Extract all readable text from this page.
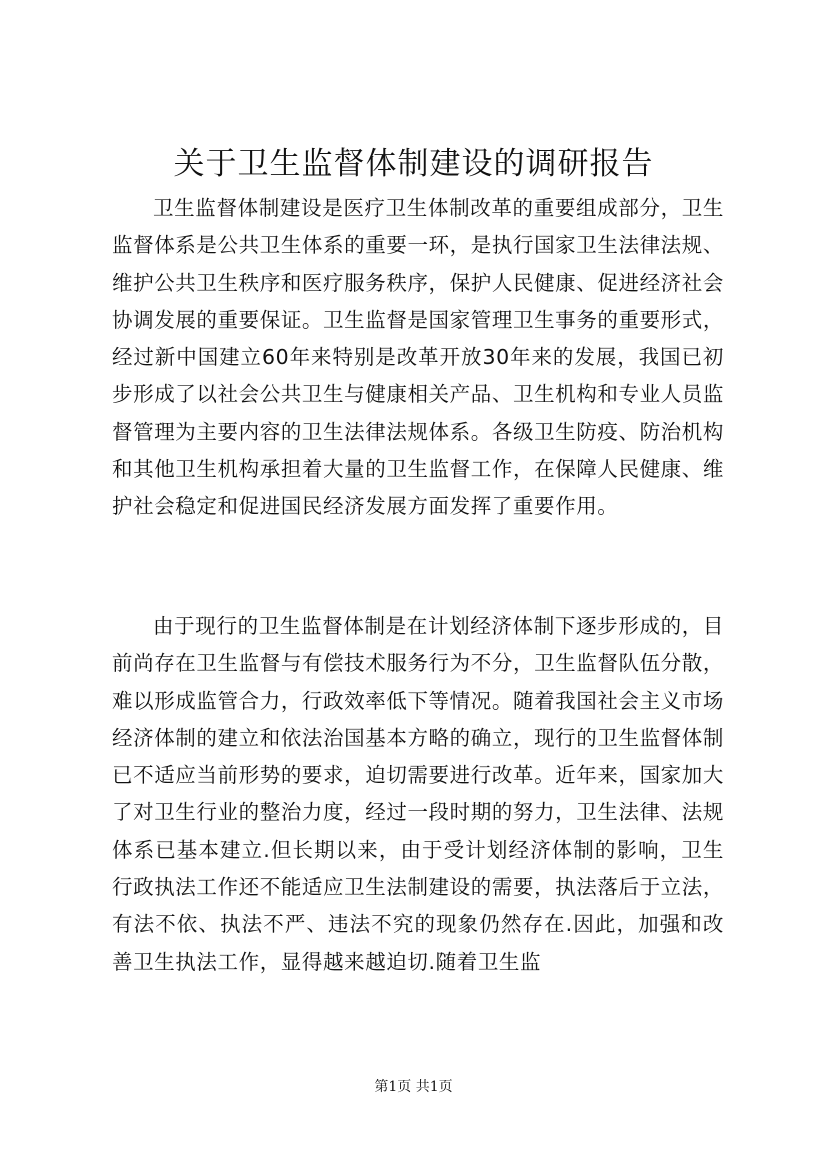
关于卫生监督体制建设的调研报告

卫生监督体制建设是医疗卫生体制改革的重要组成部分，卫生监督体系是公共卫生体系的重要一环，是执行国家卫生法律法规、维护公共卫生秩序和医疗服务秩序，保护人民健康、促进经济社会协调发展的重要保证。卫生监督是国家管理卫生事务的重要形式，经过新中国建立60年来特别是改革开放30年来的发展，我国已初步形成了以社会公共卫生与健康相关产品、卫生机构和专业人员监督管理为主要内容的卫生法律法规体系。各级卫生防疫、防治机构和其他卫生机构承担着大量的卫生监督工作，在保障人民健康、维护社会稳定和促进国民经济发展方面发挥了重要作用。

由于现行的卫生监督体制是在计划经济体制下逐步形成的，目前尚存在卫生监督与有偿技术服务行为不分，卫生监督队伍分散，难以形成监管合力，行政效率低下等情况。随着我国社会主义市场经济体制的建立和依法治国基本方略的确立，现行的卫生监督体制已不适应当前形势的要求，迫切需要进行改革。近年来，国家加大了对卫生行业的整治力度，经过一段时期的努力，卫生法律、法规体系已基本建立.但长期以来，由于受计划经济体制的影响，卫生行政执法工作还不能适应卫生法制建设的需要，执法落后于立法，有法不依、执法不严、违法不究的现象仍然存在.因此，加强和改善卫生执法工作，显得越来越迫切.随着卫生监

第1页 共1页
